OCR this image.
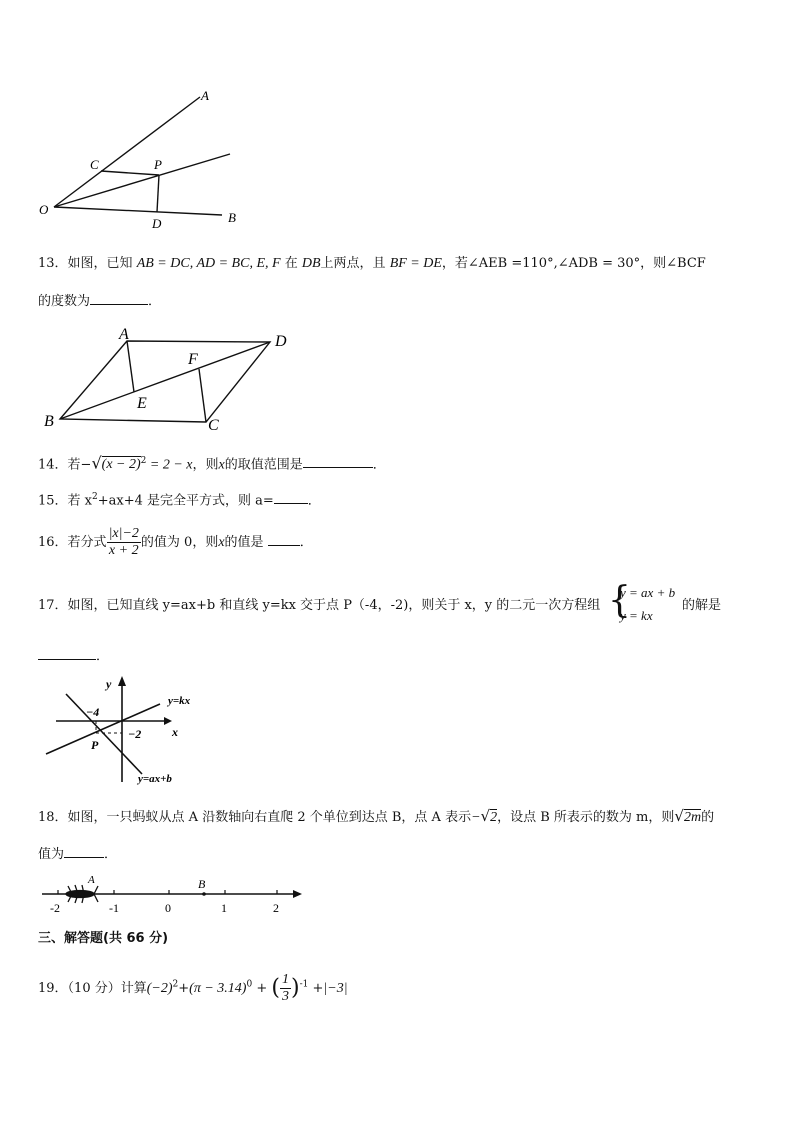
A
C	P
O
D	B
13．如图，已知 AB = DC, AD = BC, E, F 在 DB上两点，且 BF = DE，若∠AEB =110°,∠ADB = 30°，则∠BCF
的度数为	．
A	D
F
E
B	C
14．若$-√(x - 2)^2 = 2 - x$，则x的取值范围是	．
15．若 $x^2+ax+4$ 是完全平方式，则 a=	．
16．若分式 $\frac{|x|-2}{x + 2}$ 的值为 0，则x的值是	．
17．如图，已知直线 y=ax+b 和直线 y=kx 交于点 P（-4，-2)，则关于 x，y 的二元一次方程组 {
y = ax + b
y = kx
的解是
．
y
x
−4
−2
P
y=kx
y=ax+b
18．如图，一只蚂蚁从点 A 沿数轴向右直爬 2 个单位到达点 B，点 A 表示−√2，设点 B 所表示的数为 m，则√2m的
值为	．
A	B
-2	-1	0	1	2
三、解答题(共 66 分)
19．（10 分）计算$(-2)^2+(\pi - 3.14)^0$ + ( $\frac{1}{3} )^{-1} +|-3|$
